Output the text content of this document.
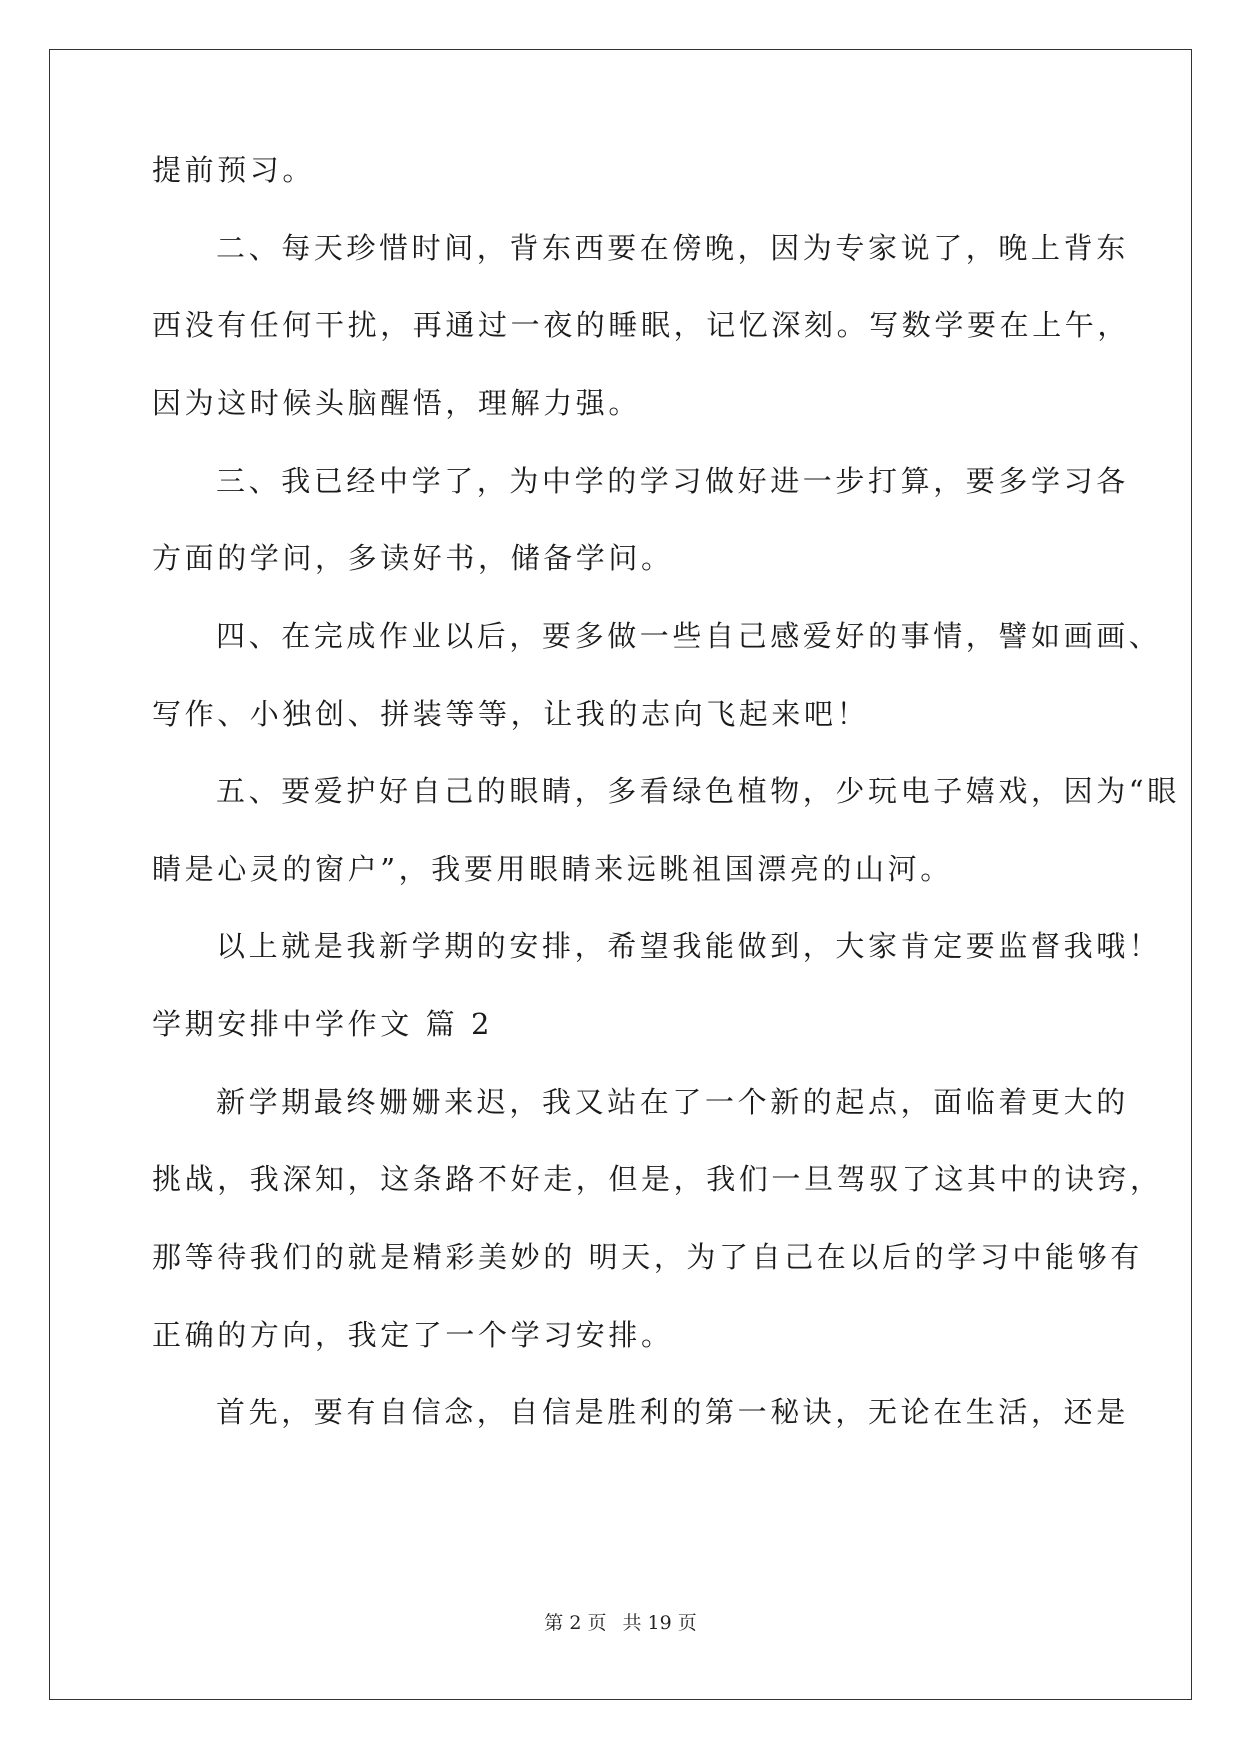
提前预习。
二、每天珍惜时间，背东西要在傍晚，因为专家说了，晚上背东
西没有任何干扰，再通过一夜的睡眠，记忆深刻。写数学要在上午，
因为这时候头脑醒悟，理解力强。
三、我已经中学了，为中学的学习做好进一步打算，要多学习各
方面的学问，多读好书，储备学问。
四、在完成作业以后，要多做一些自己感爱好的事情，譬如画画、
写作、小独创、拼装等等，让我的志向飞起来吧！
五、要爱护好自己的眼睛，多看绿色植物，少玩电子嬉戏，因为“眼
睛是心灵的窗户”，我要用眼睛来远眺祖国漂亮的山河。
以上就是我新学期的安排，希望我能做到，大家肯定要监督我哦！
学期安排中学作文 篇 2
新学期最终姗姗来迟，我又站在了一个新的起点，面临着更大的
挑战，我深知，这条路不好走，但是，我们一旦驾驭了这其中的诀窍，
那等待我们的就是精彩美妙的 明天，为了自己在以后的学习中能够有
正确的方向，我定了一个学习安排。
首先，要有自信念，自信是胜利的第一秘诀，无论在生活，还是
第 2 页 共 19 页
